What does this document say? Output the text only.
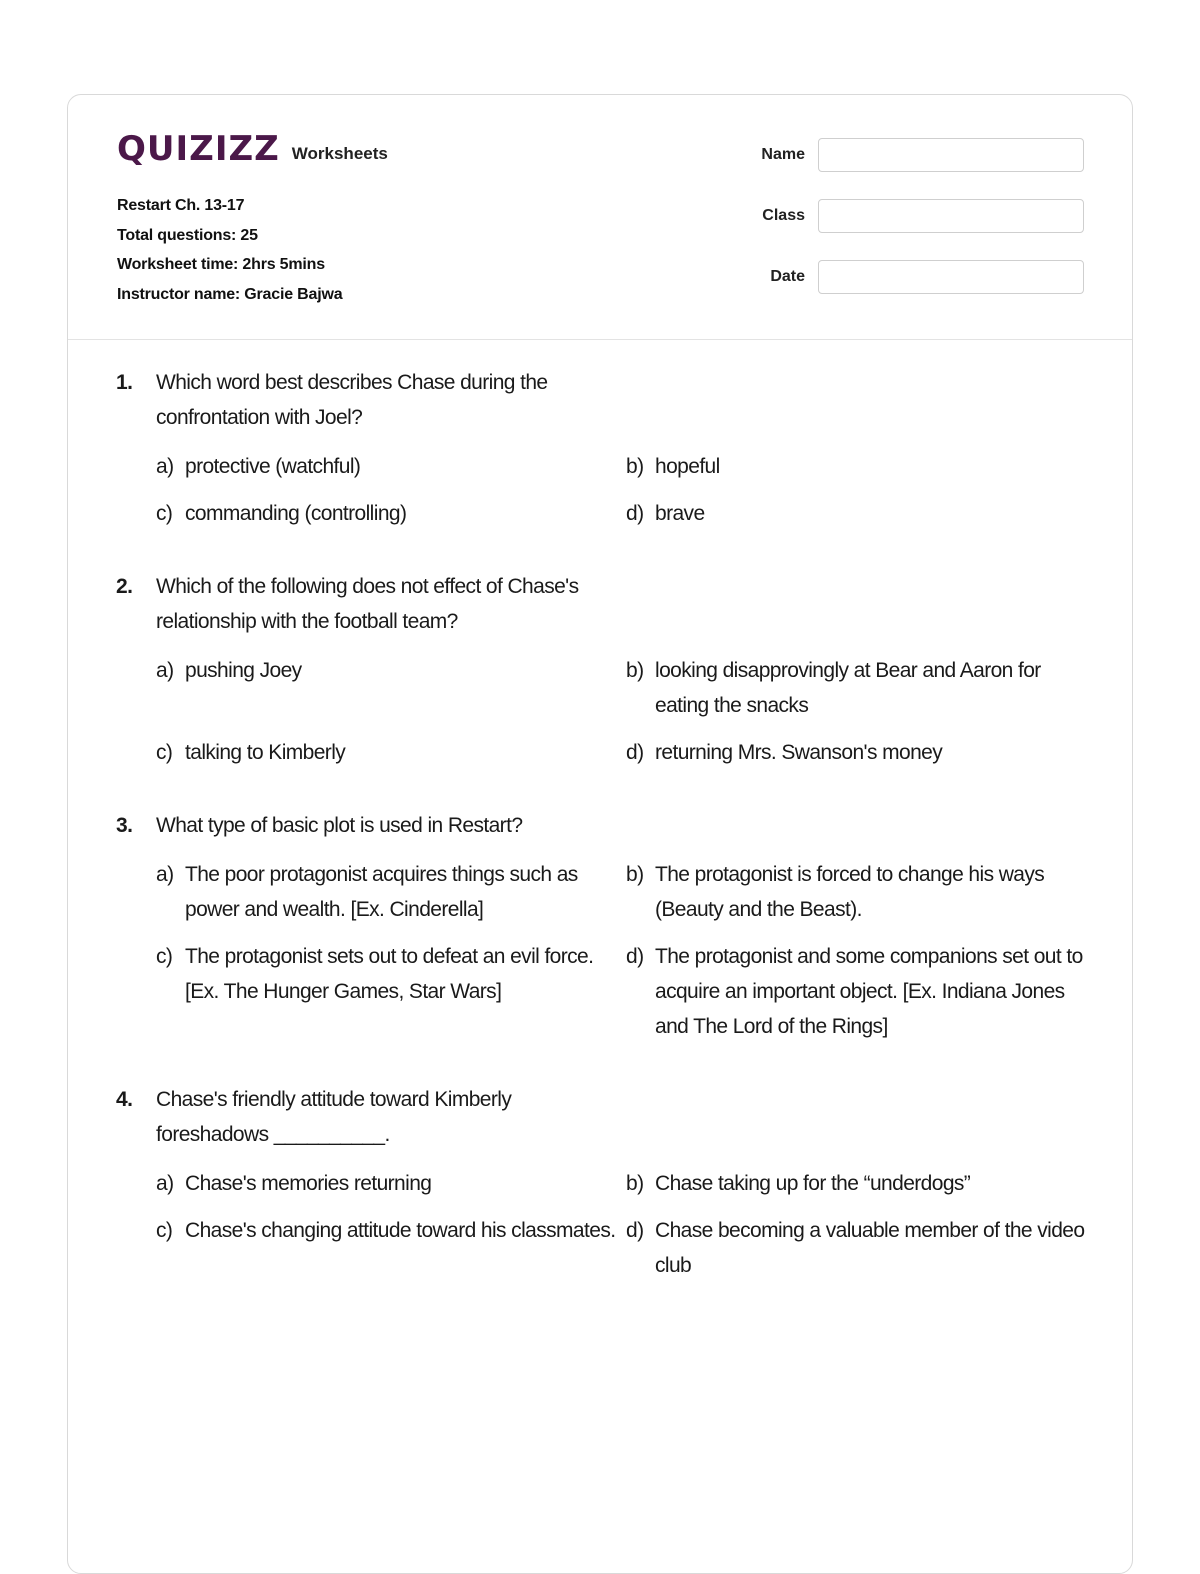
QUIZIZZ Worksheets
Restart Ch. 13-17
Total questions: 25
Worksheet time: 2hrs 5mins
Instructor name: Gracie Bajwa
Name
Class
Date
1.	Which word best describes Chase during the confrontation with Joel?
a) protective (watchful)	b) hopeful
c) commanding (controlling)	d) brave
2.	Which of the following does not effect of Chase's relationship with the football team?
a) pushing Joey	b) looking disapprovingly at Bear and Aaron for eating the snacks
c) talking to Kimberly	d) returning Mrs. Swanson's money
3.	What type of basic plot is used in Restart?
a) The poor protagonist acquires things such as power and wealth. [Ex. Cinderella]
b) The protagonist is forced to change his ways (Beauty and the Beast).
c) The protagonist sets out to defeat an evil force. [Ex. The Hunger Games, Star Wars]
d) The protagonist and some companions set out to acquire an important object. [Ex. Indiana Jones and The Lord of the Rings]
4.	Chase's friendly attitude toward Kimberly foreshadows __________.
a) Chase's memories returning	b) Chase taking up for the “underdogs”
c) Chase's changing attitude toward his classmates. d) Chase becoming a valuable member of the video club
